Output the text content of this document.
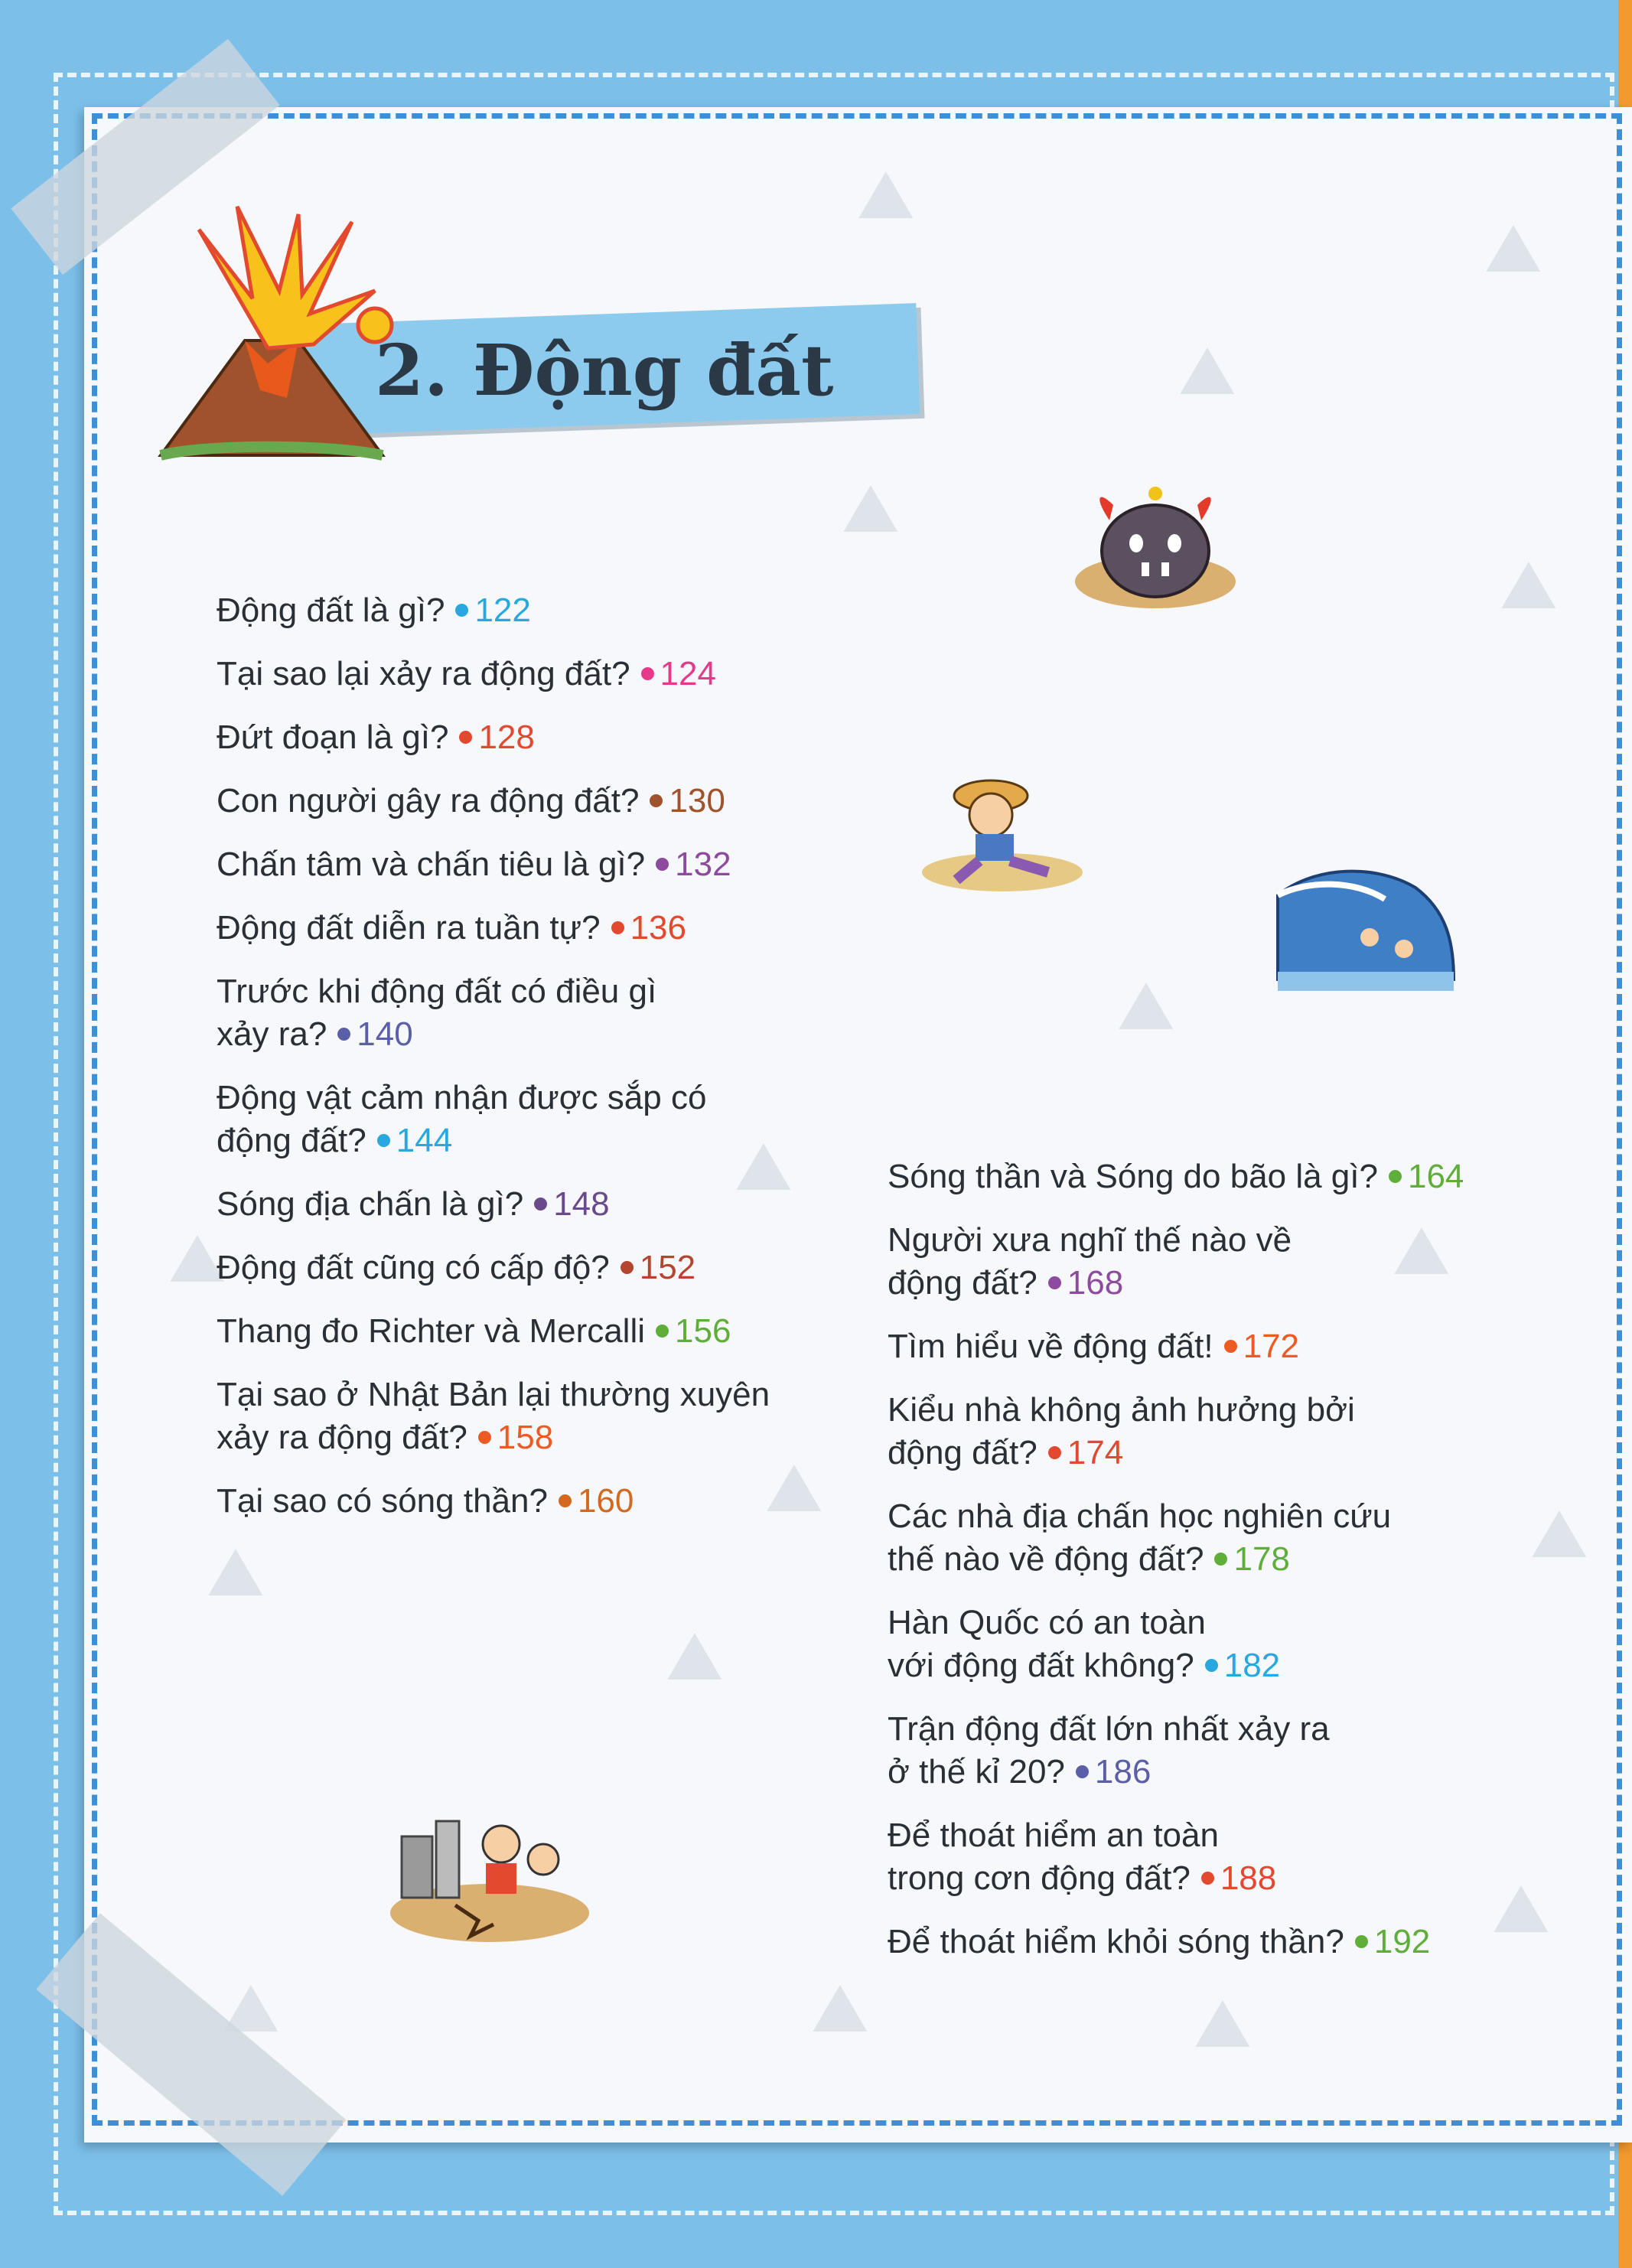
⛰
⛰
⛰
⛰
⛰
⛰
⛰
⛰
⛰
⛰
⛰
⛰
⛰
⛰	⛰
⛰
⛰
2. Động đất
Động đất là gì? 122
Tại sao lại xảy ra động đất? 124
Đứt đoạn là gì? 128
Con người gây ra động đất? 130
Chấn tâm và chấn tiêu là gì? 132
Động đất diễn ra tuần tự? 136
Trước khi động đất có điều gì
xảy ra? 140
Động vật cảm nhận được sắp có
động đất? 144
Sóng địa chấn là gì? 148
Động đất cũng có cấp độ? 152
Thang đo Richter và Mercalli 156
Tại sao ở Nhật Bản lại thường xuyên
xảy ra động đất? 158
Tại sao có sóng thần? 160
Sóng thần và Sóng do bão là gì? 164
Người xưa nghĩ thế nào về
động đất? 168
Tìm hiểu về động đất! 172
Kiểu nhà không ảnh hưởng bởi
động đất? 174
Các nhà địa chấn học nghiên cứu
thế nào về động đất? 178
Hàn Quốc có an toàn
với động đất không? 182
Trận động đất lớn nhất xảy ra
ở thế kỉ 20? 186
Để thoát hiểm an toàn
trong cơn động đất? 188
Để thoát hiểm khỏi sóng thần? 192
